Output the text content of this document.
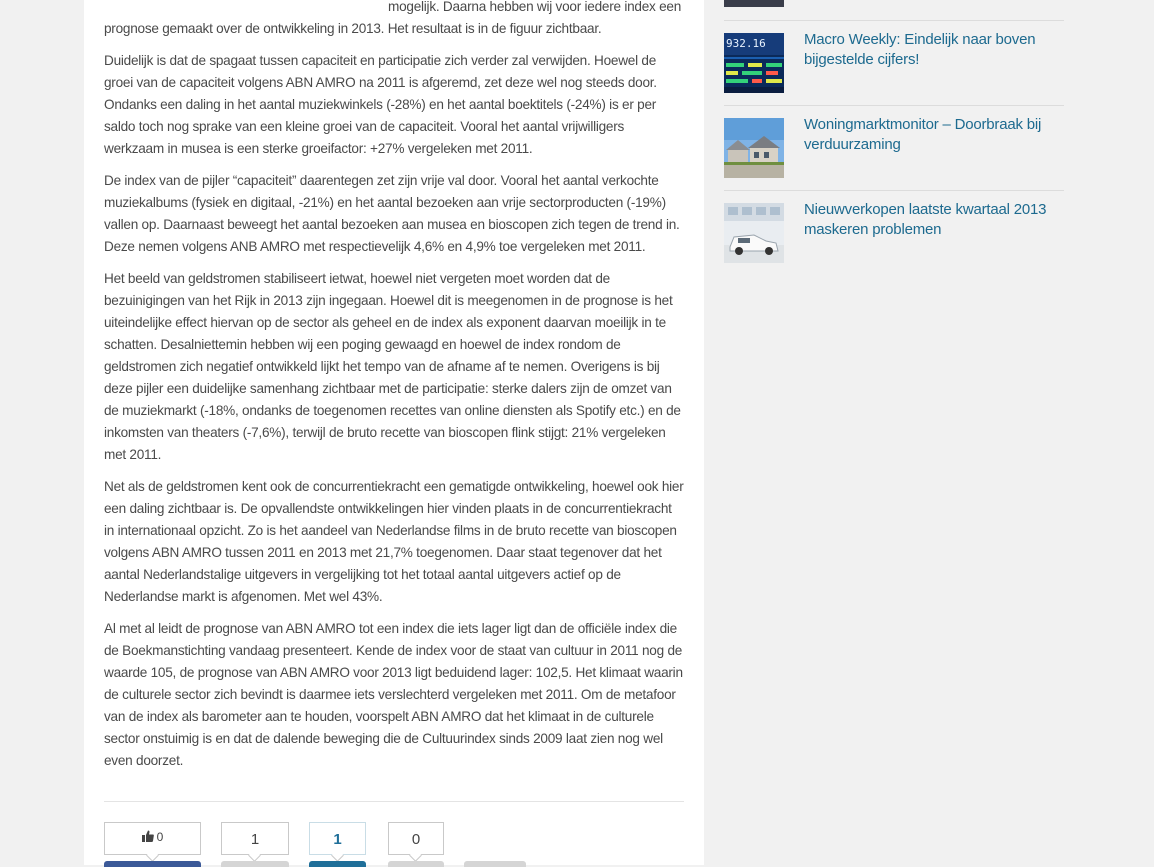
mogelijk. Daarna hebben wij voor iedere index een
prognose gemaakt over de ontwikkeling in 2013. Het resultaat is in de figuur zichtbaar.

Duidelijk is dat de spagaat tussen capaciteit en participatie zich verder zal verwijden. Hoewel de groei van de capaciteit volgens ABN AMRO na 2011 is afgeremd, zet deze wel nog steeds door. Ondanks een daling in het aantal muziekwinkels (-28%) en het aantal boektitels (-24%) is er per saldo toch nog sprake van een kleine groei van de capaciteit. Vooral het aantal vrijwilligers werkzaam in musea is een sterke groeifactor: +27% vergeleken met 2011.

De index van de pijler “capaciteit” daarentegen zet zijn vrije val door. Vooral het aantal verkochte muziekalbums (fysiek en digitaal, -21%) en het aantal bezoeken aan vrije sectorproducten (-19%) vallen op. Daarnaast beweegt het aantal bezoeken aan musea en bioscopen zich tegen de trend in. Deze nemen volgens ANB AMRO met respectievelijk 4,6% en 4,9% toe vergeleken met 2011.

Het beeld van geldstromen stabiliseert ietwat, hoewel niet vergeten moet worden dat de bezuinigingen van het Rijk in 2013 zijn ingegaan. Hoewel dit is meegenomen in de prognose is het uiteindelijke effect hiervan op de sector als geheel en de index als exponent daarvan moeilijk in te schatten. Desalniettemin hebben wij een poging gewaagd en hoewel de index rondom de geldstromen zich negatief ontwikkeld lijkt het tempo van de afname af te nemen. Overigens is bij deze pijler een duidelijke samenhang zichtbaar met de participatie: sterke dalers zijn de omzet van de muziekmarkt (-18%, ondanks de toegenomen recettes van online diensten als Spotify etc.) en de inkomsten van theaters (-7,6%), terwijl de bruto recette van bioscopen flink stijgt: 21% vergeleken met 2011.

Net als de geldstromen kent ook de concurrentiekracht een gematigde ontwikkeling, hoewel ook hier een daling zichtbaar is. De opvallendste ontwikkelingen hier vinden plaats in de concurrentiekracht in internationaal opzicht. Zo is het aandeel van Nederlandse films in de bruto recette van bioscopen volgens ABN AMRO tussen 2011 en 2013 met 21,7% toegenomen. Daar staat tegenover dat het aantal Nederlandstalige uitgevers in vergelijking tot het totaal aantal uitgevers actief op de Nederlandse markt is afgenomen. Met wel 43%.

Al met al leidt de prognose van ABN AMRO tot een index die iets lager ligt dan de officiële index die de Boekmanstichting vandaag presenteert. Kende de index voor de staat van cultuur in 2011 nog de waarde 105, de prognose van ABN AMRO voor 2013 ligt beduidend lager: 102,5. Het klimaat waarin de culturele sector zich bevindt is daarmee iets verslechterd vergeleken met 2011. Om de metafoor van de index als barometer aan te houden, voorspelt ABN AMRO dat het klimaat in de culturele sector onstuimig is en dat de dalende beweging die de Cultuurindex sinds 2009 laat zien nog wel even doorzet.

0	1	1	0
932.16	Macro Weekly: Eindelijk naar boven bijgestelde cijfers!
Woningmarktmonitor – Doorbraak bij verduurzaming
Nieuwverkopen laatste kwartaal 2013 maskeren problemen
